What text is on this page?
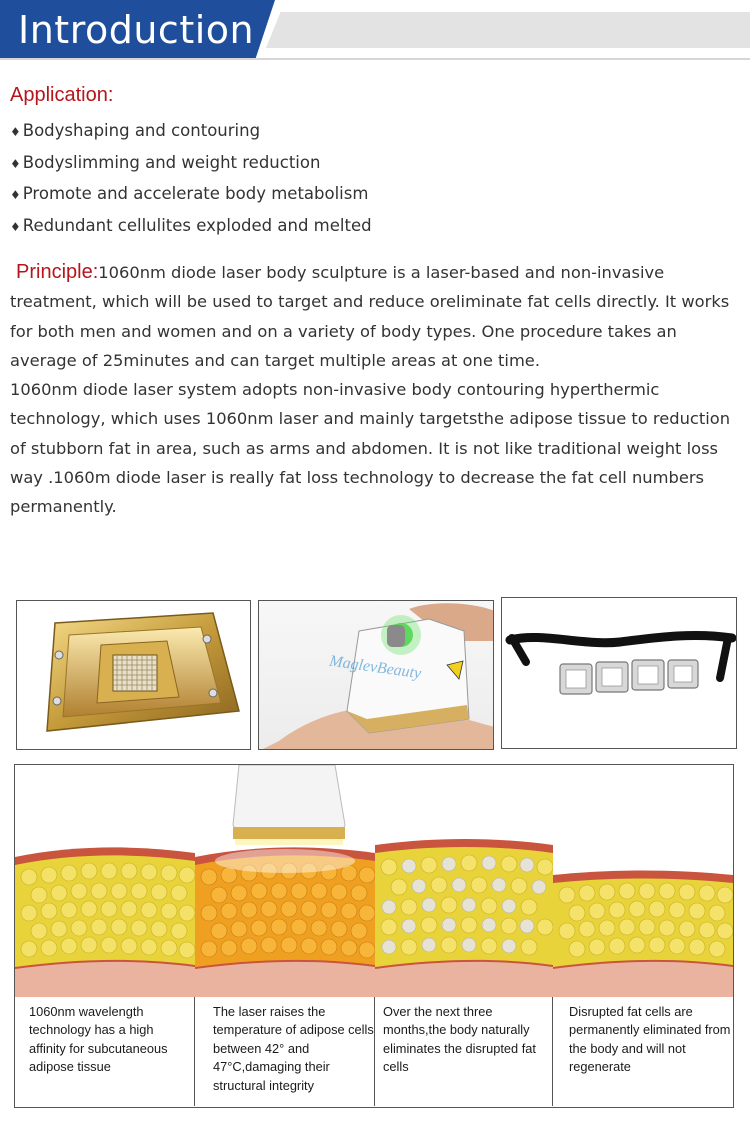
Introduction
Application:
♦ Bodyshaping and contouring
♦ Bodyslimming and weight reduction
♦ Promote and accelerate body metabolism
♦ Redundant cellulites exploded and melted
Principle:1060nm diode laser body sculpture is a laser-based and non-invasive treatment, which will be used to target and reduce oreliminate fat cells directly. It works for both men and women and on a variety of body types. One procedure takes an average of 25minutes and can target multiple areas at one time.
1060nm diode laser system adopts non-invasive body contouring hyperthermic technology, which uses 1060nm laser and mainly targetsthe adipose tissue to reduction of stubborn fat in area, such as arms and abdomen. It is not like traditional weight loss way .1060m diode laser is really fat loss technology to decrease the fat cell numbers permanently.
MaglevBeauty
1060nm wavelength technology has a high affinity for subcutaneous adipose tissue
The laser raises the temperature of adipose cells between 42° and 47°C,damaging their structural integrity
Over the next three months,the body naturally eliminates the disrupted fat cells
Disrupted fat cells are permanently eliminated from the body and will not regenerate
